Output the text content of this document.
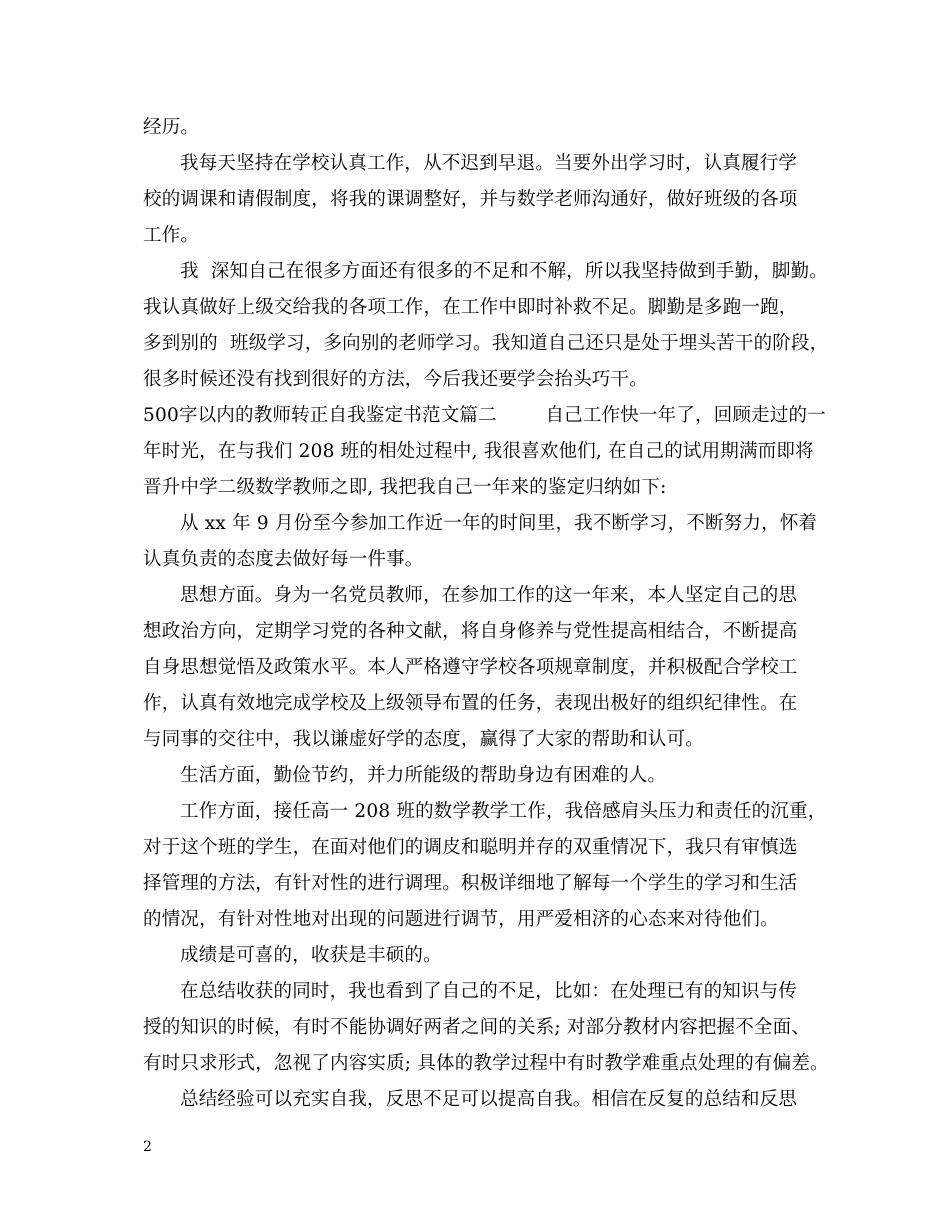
经历。
我每天坚持在学校认真工作，从不迟到早退。当要外出学习时，认真履行学
校的调课和请假制度，将我的课调整好，并与数学老师沟通好，做好班级的各项
工作。
我  深知自己在很多方面还有很多的不足和不解，所以我坚持做到手勤，脚勤。
我认真做好上级交给我的各项工作，在工作中即时补救不足。脚勤是多跑一跑，
多到别的  班级学习，多向别的老师学习。我知道自己还只是处于埋头苦干的阶段，
很多时候还没有找到很好的方法，今后我还要学会抬头巧干。
500字以内的教师转正自我鉴定书范文篇二        自己工作快一年了，回顾走过的一
年时光，在与我们 208 班的相处过程中, 我很喜欢他们, 在自己的试用期满而即将
晋升中学二级数学教师之即, 我把我自己一年来的鉴定归纳如下:
从 xx 年 9 月份至今参加工作近一年的时间里，我不断学习，不断努力，怀着
认真负责的态度去做好每一件事。
思想方面。身为一名党员教师，在参加工作的这一年来，本人坚定自己的思
想政治方向，定期学习党的各种文献，将自身修养与党性提高相结合，不断提高
自身思想觉悟及政策水平。本人严格遵守学校各项规章制度，并积极配合学校工
作，认真有效地完成学校及上级领导布置的任务，表现出极好的组织纪律性。在
与同事的交往中，我以谦虚好学的态度，赢得了大家的帮助和认可。
生活方面，勤俭节约，并力所能级的帮助身边有困难的人。
工作方面，接任高一 208 班的数学教学工作，我倍感肩头压力和责任的沉重，
对于这个班的学生，在面对他们的调皮和聪明并存的双重情况下，我只有审慎选
择管理的方法，有针对性的进行调理。积极详细地了解每一个学生的学习和生活
的情况，有针对性地对出现的问题进行调节，用严爱相济的心态来对待他们。
成绩是可喜的，收获是丰硕的。
在总结收获的同时，我也看到了自己的不足，比如：在处理已有的知识与传
授的知识的时候，有时不能协调好两者之间的关系; 对部分教材内容把握不全面、
有时只求形式，忽视了内容实质; 具体的教学过程中有时教学难重点处理的有偏差。
总结经验可以充实自我，反思不足可以提高自我。相信在反复的总结和反思
2
